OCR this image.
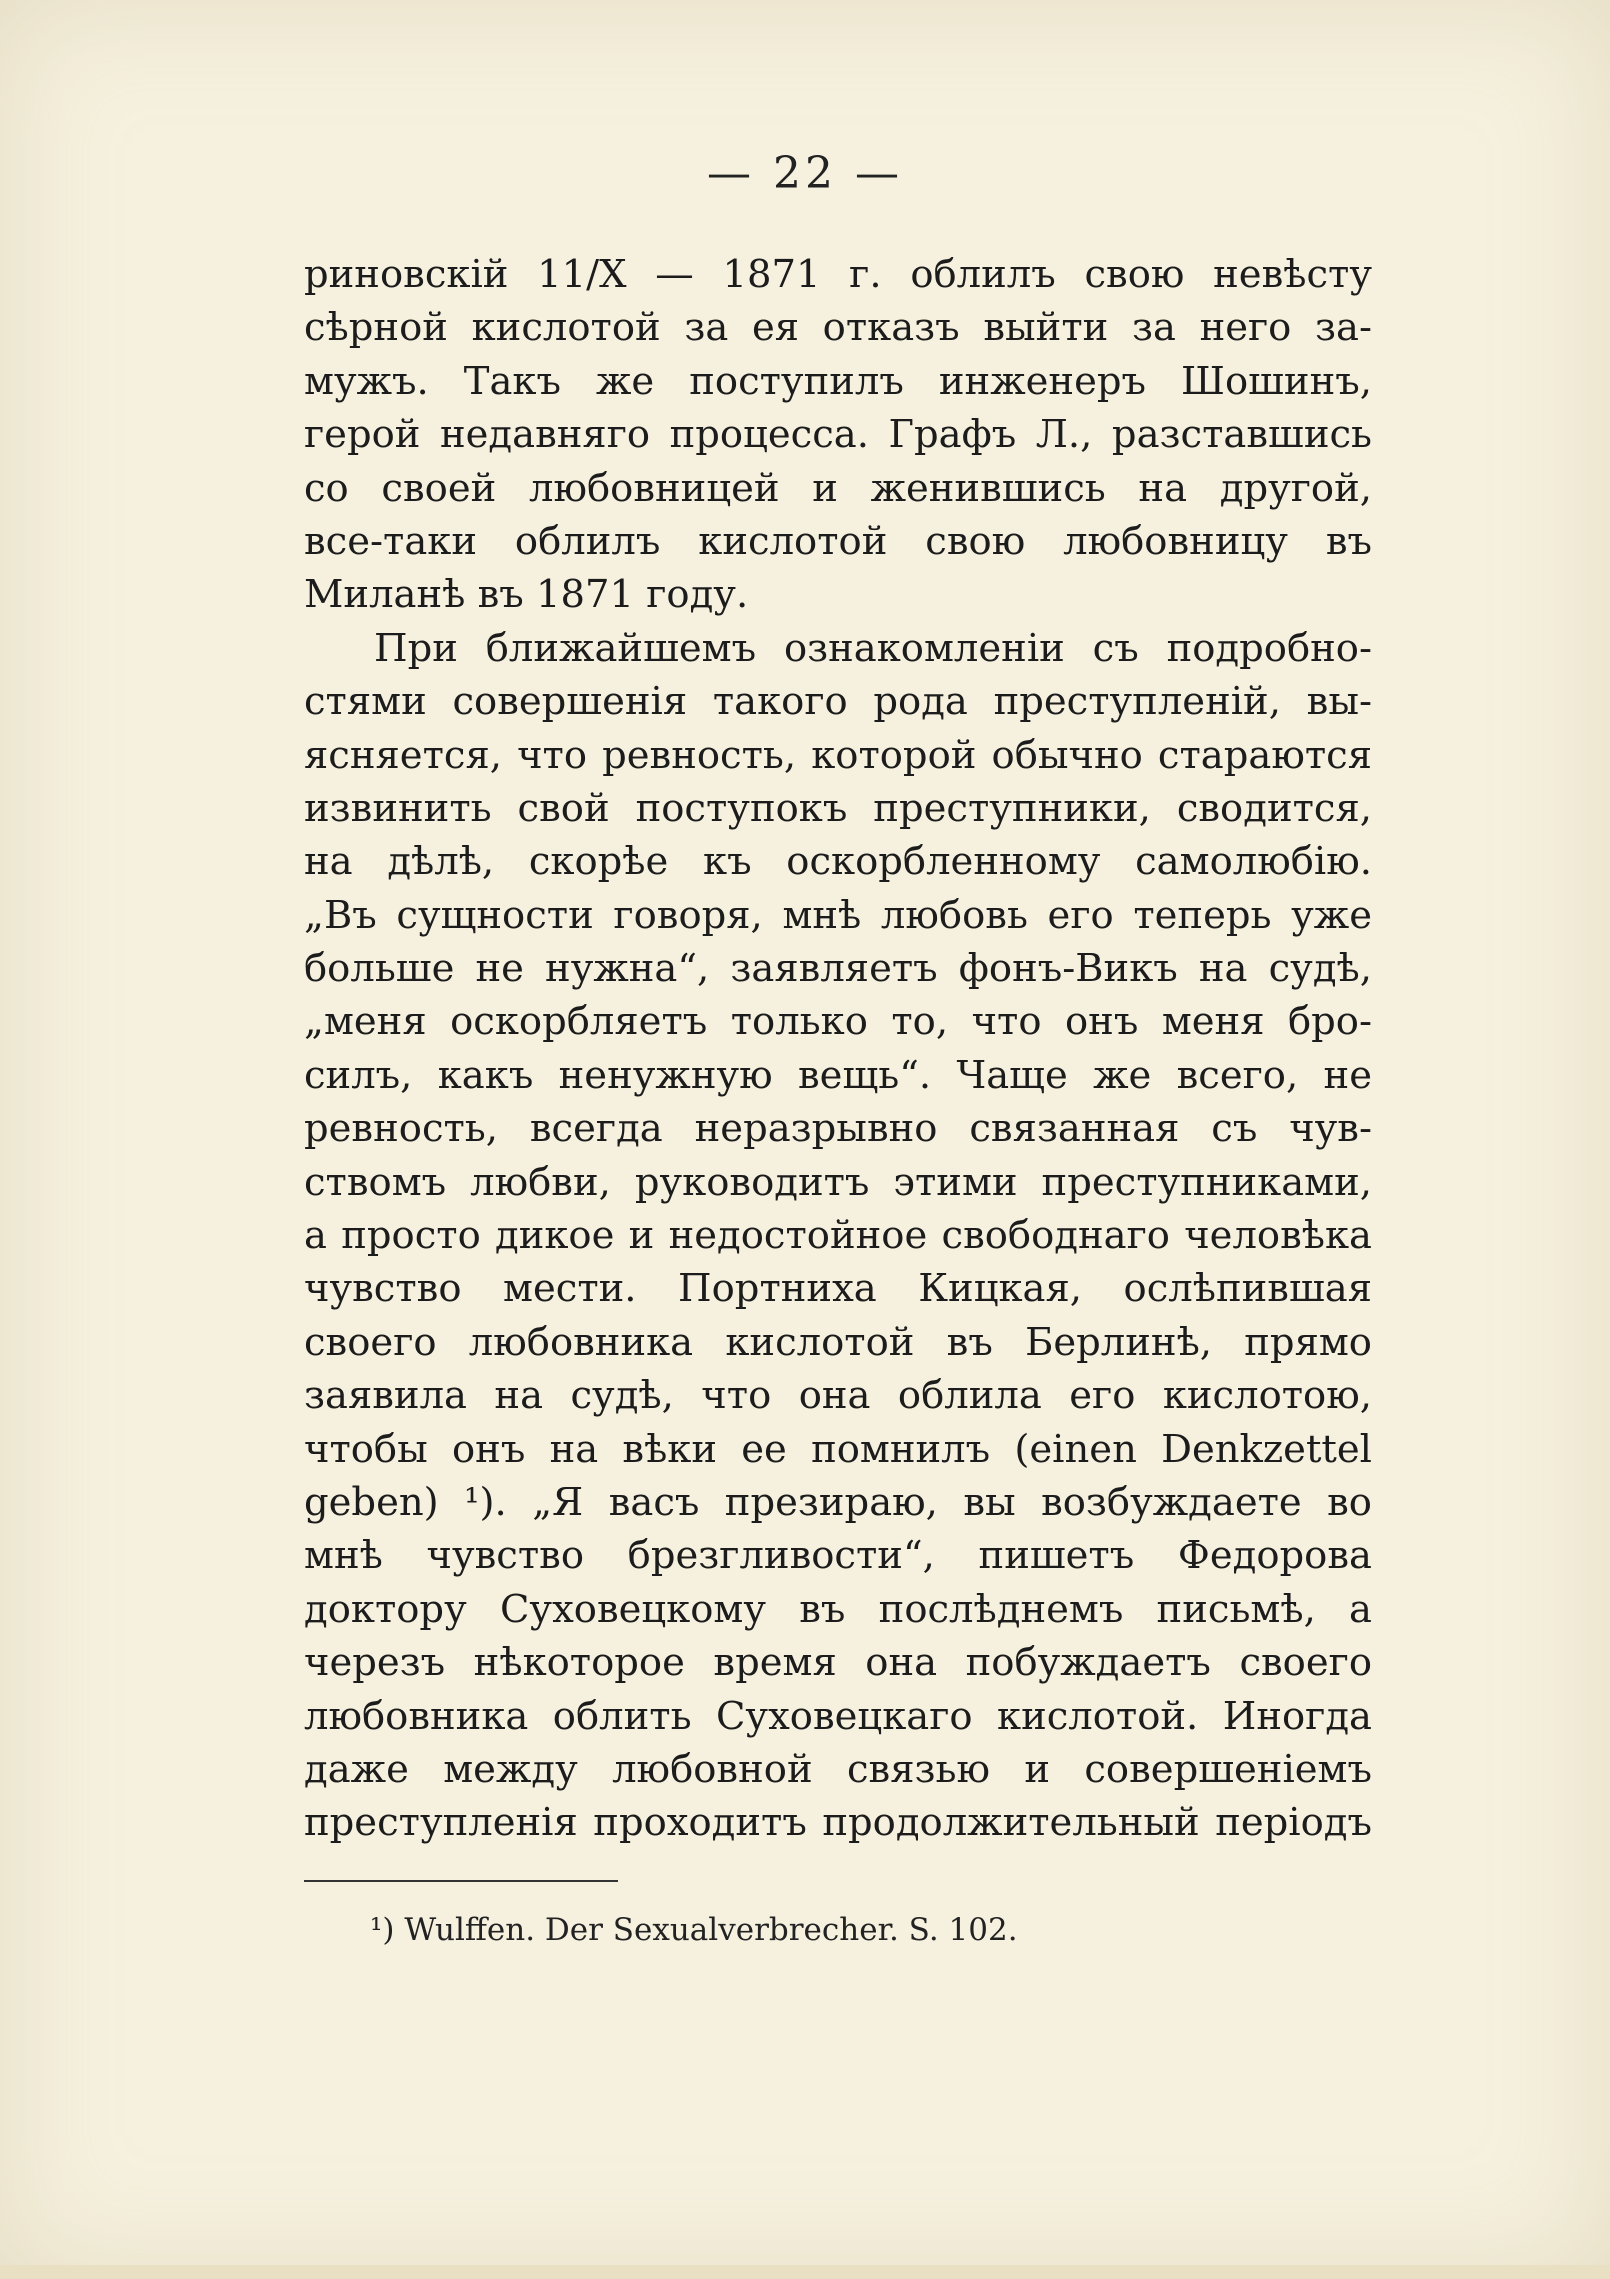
— 22 —
риновскій 11/X — 1871 г. облилъ свою невѣсту
сѣрной кислотой за ея отказъ выйти за него за-
мужъ. Такъ же поступилъ инженеръ Шошинъ,
герой недавняго процесса. Графъ Л., разставшись
со своей любовницей и женившись на другой,
все-таки облилъ кислотой свою любовницу въ
Миланѣ въ 1871 году.
При ближайшемъ ознакомленіи съ подробно-
стями совершенія такого рода преступленій, вы-
ясняется, что ревность, которой обычно стараются
извинить свой поступокъ преступники, сводится,
на дѣлѣ, скорѣе къ оскорбленному самолюбію.
„Въ сущности говоря, мнѣ любовь его теперь уже
больше не нужна“, заявляетъ фонъ-Викъ на судѣ,
„меня оскорбляетъ только то, что онъ меня бро-
силъ, какъ ненужную вещь“. Чаще же всего, не
ревность, всегда неразрывно связанная съ чув-
ствомъ любви, руководитъ этими преступниками,
а просто дикое и недостойное свободнаго человѣка
чувство мести. Портниха Кицкая, ослѣпившая
своего любовника кислотой въ Берлинѣ, прямо
заявила на судѣ, что она облила его кислотою,
чтобы онъ на вѣки ее помнилъ (einen Denkzettel
geben) ¹). „Я васъ презираю, вы возбуждаете во
мнѣ чувство брезгливости“, пишетъ Федорова
доктору Суховецкому въ послѣднемъ письмѣ, а
черезъ нѣкоторое время она побуждаетъ своего
любовника облить Суховецкаго кислотой. Иногда
даже между любовной связью и совершеніемъ
преступленія проходитъ продолжительный періодъ
¹) Wulffen. Der Sexualverbrecher. S. 102.
